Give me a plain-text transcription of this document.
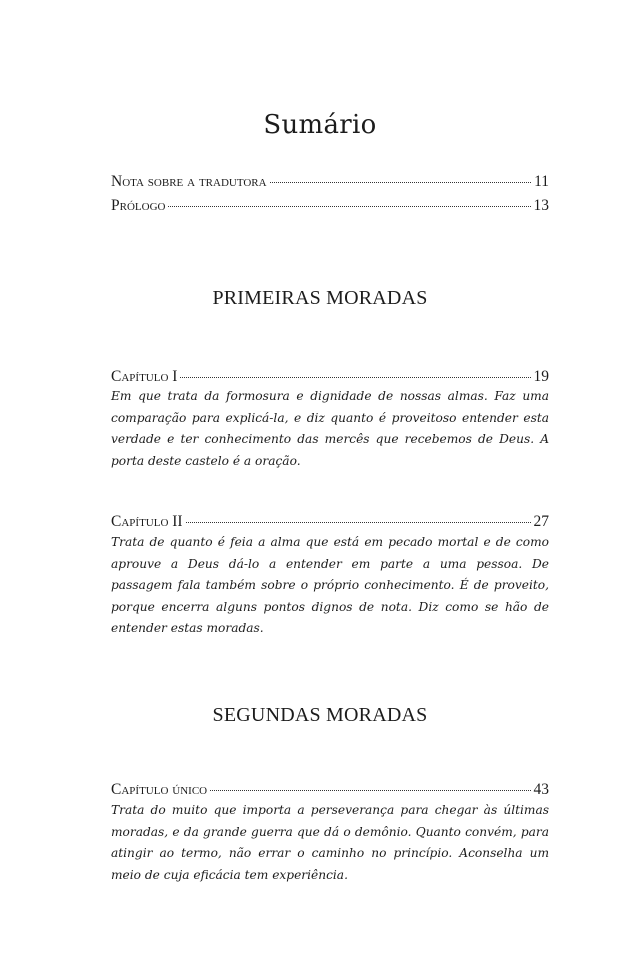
Sumário
Nota sobre a tradutora	11
Prólogo	13
PRIMEIRAS MORADAS
Capítulo I	19
Em que trata da formosura e dignidade de nossas almas. Faz uma comparação para explicá-la, e diz quanto é proveitoso entender esta verdade e ter conhecimento das mercês que recebemos de Deus. A porta deste castelo é a oração.
Capítulo II	27
Trata de quanto é feia a alma que está em pecado mortal e de como aprouve a Deus dá-lo a entender em parte a uma pessoa. De passagem fala também sobre o próprio conhecimento. É de proveito, porque encerra alguns pontos dignos de nota. Diz como se hão de entender estas moradas.
SEGUNDAS MORADAS
Capítulo único	43
Trata do muito que importa a perseverança para chegar às últimas moradas, e da grande guerra que dá o demônio. Quanto convém, para atingir ao termo, não errar o caminho no princípio. Aconselha um meio de cuja eficácia tem experiência.
